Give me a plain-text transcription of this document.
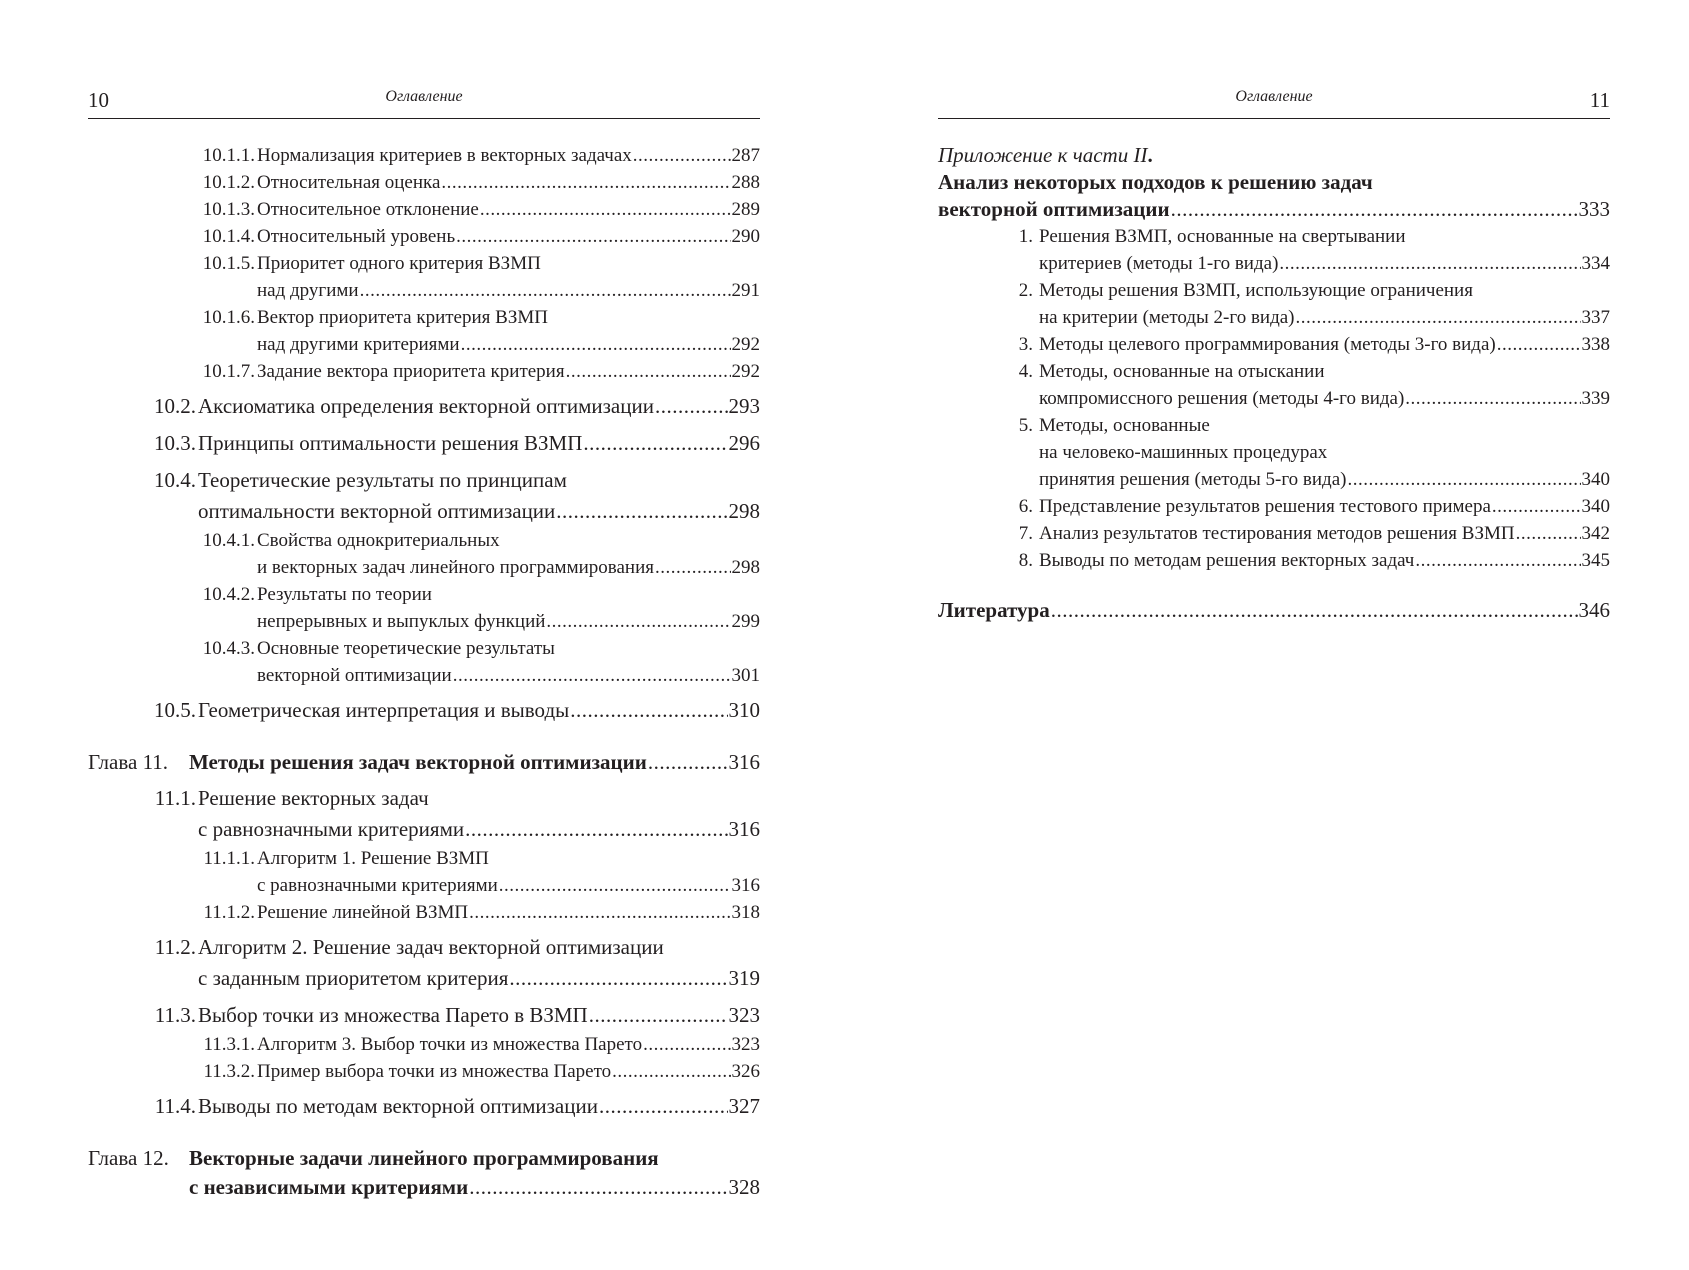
10	Оглавление
10.1.1. Нормализация критериев в векторных задачах .....	287
10.1.2. Относительная оценка .....	288
10.1.3. Относительное отклонение .....	289
10.1.4. Относительный уровень .....	290
10.1.5. Приоритет одного критерия ВЗМП
над другими .....	291
10.1.6. Вектор приоритета критерия ВЗМП
над другими критериями .....	292
10.1.7. Задание вектора приоритета критерия .....	292
10.2. Аксиоматика определения векторной оптимизации .....	293
10.3. Принципы оптимальности решения ВЗМП .....	296
10.4. Теоретические результаты по принципам
оптимальности векторной оптимизации .....	298
10.4.1. Свойства однокритериальных
и векторных задач линейного программирования .....	298
10.4.2. Результаты по теории
непрерывных и выпуклых функций .....	299
10.4.3. Основные теоретические результаты
векторной оптимизации .....	301
10.5. Геометрическая интерпретация и выводы .....	310
Глава 11. Методы решения задач векторной оптимизации .....	316
11.1. Решение векторных задач
с равнозначными критериями .....	316
11.1.1. Алгоритм 1. Решение ВЗМП
с равнозначными критериями .....	316
11.1.2. Решение линейной ВЗМП .....	318
11.2. Алгоритм 2. Решение задач векторной оптимизации
с заданным приоритетом критерия .....	319
11.3. Выбор точки из множества Парето в ВЗМП .....	323
11.3.1. Алгоритм 3. Выбор точки из множества Парето .....	323
11.3.2. Пример выбора точки из множества Парето .....	326
11.4. Выводы по методам векторной оптимизации .....	327
Глава 12. Векторные задачи линейного программирования
с независимыми критериями .....	328
Оглавление	11
Приложение к части II .
Анализ некоторых подходов к решению задач
векторной оптимизации .....	333
1. Решения ВЗМП, основанные на свертывании
критериев (методы 1-го вида) .....	334
2. Методы решения ВЗМП, использующие ограничения
на критерии (методы 2-го вида) .....	337
3. Методы целевого программирования (методы 3-го вида) .....	338
4. Методы, основанные на отыскании
компромиссного решения (методы 4-го вида) .....	339
5. Методы, основанные
на человеко-машинных процедурах
принятия решения (методы 5-го вида) .....	340
6. Представление результатов решения тестового примера .....	340
7. Анализ результатов тестирования методов решения ВЗМП .....	342
8. Выводы по методам решения векторных задач .....	345
Литература .....	346
